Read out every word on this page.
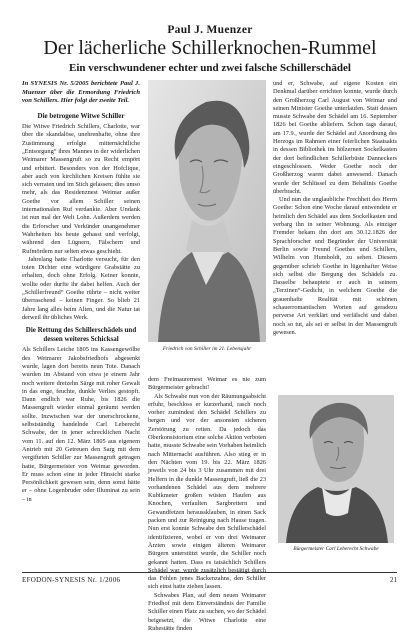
Paul J. Muenzer
Der lächerliche Schillerknochen-Rummel
Ein verschwundener echter und zwei falsche Schillerschädel

In SYNESIS Nr. 5/2005 berichtete Paul J. Muenzer über die Ermordung Friedrich von Schillers. Hier folgt der zweite Teil.

Die betrogene Witwe Schiller

Die Witwe Friedrich Schillers, Charlotte, war über die skandalöse, unehrenhafte, ohne ihre Zustimmung erfolgte mitternächtliche „Entsorgung“ ihres Mannes in der widerlichen Weimarer Massengruft so zu Recht empört und erbittert. Besonders von der Hofclique, aber auch von kirchlichen Kreisen fühlte sie sich verraten und im Stich gelassen; dies umso mehr, als das Residenznest Weimar außer Goethe vor allem Schiller seinen internationalen Ruf verdankte. Aber Undank ist nun mal der Welt Lohn. Außerdem werden die Erforscher und Verkünder unangenehmer Wahrheiten bis heute gehasst und verfolgt, während den Lügnern, Fälschern und Rufmördern nur selten etwas geschieht.

Jahrelang hatte Charlotte versucht, für den toten Dichter eine würdigere Grabstätte zu erhalten, doch ohne Erfolg. Keiner konnte, wollte oder durfte ihr dabei helfen. Auch der „Schillerfreund“ Goethe rührte – nicht weiter überraschend – keinen Finger. So blieb 21 Jahre lang alles beim Alten, und die Natur tat derweil ihr übliches Werk.

Die Rettung des Schillerschädels und dessen weiteres Schicksal

Als Schillers Leiche 1805 ins Kassengewölbe des Weimarer Jakobsfriedhofs abgesenkt wurde, lagen dort bereits neun Tote. Danach wurden im Abstand von etwa je einem Jahr noch weitere dreizehn Särge mit roher Gewalt in das enge, feuchte, dunkle Verlies gestopft. Dann endlich war Ruhe, bis 1826 die Massengruft wieder einmal geräumt werden sollte. Inzwischen war der unerschrockene, selbstständig handelnde Carl Leberecht Schwabe, der in jener schrecklichen Nacht vom 11. auf den 12. März 1805 aus eigenem Antrieb mit 20 Getreuen den Sarg mit dem vergifteten Schiller zur Massengruft getragen hatte, Bürgermeister von Weimar geworden. Er muss schon eine in jeder Hinsicht starke Persönlichkeit gewesen sein, denn sonst hätte er – ohne Logenbruder oder Illuminat zu sein – in

Friedrich von Schiller im 21. Lebensjahr

dem Freimaurernest Weimar es nie zum Bürgermeister gebracht!

Als Schwabe nun von der Räumungsabsicht erfuhr, beschloss er kurzerhand, rasch noch vorher zumindest den Schädel Schillers zu bergen und vor der ansonsten sicheren Zerstörung zu retten. Da jedoch das Oberkonsistorium eine solche Aktion verboten hatte, musste Schwabe sein Vorhaben heimlich nach Mitternacht ausführen. Also stieg er in den Nächten vom 19. bis 22. März 1826 jeweils von 24 bis 3 Uhr zusammen mit drei Helfern in die dunkle Massengruft, ließ die 23 vorhandenen Schädel aus dem mehrere Kubikmeter großen wüsten Haufen aus Knochen, verfaulten Sargbrettern und Gewandfetzen heraussklauben, in einen Sack packen und zur Reinigung nach Hause tragen. Nun erst konnte Schwabe den Schillerschädel identifizieren, wobei er von drei Weimarer Ärzten sowie einigen älteren Weimarer Bürgern unterstützt wurde, die Schiller noch gekannt hatten. Dass es tatsächlich Schillers Schädel war, wurde zusätzlich bestätigt durch das Fehlen jenes Backenzahns, den Schiller sich einst hatte ziehen lassen.

Schwabes Plan, auf dem neuen Weimarer Friedhof mit dem Einverständnis der Familie Schiller einen Platz zu suchen, wo der Schädel beigesetzt, die Witwe Charlotte eine Ruhestätte finden

und er, Schwabe, auf eigene Kosten ein Denkmal darüber errichten konnte, wurde durch den Großherzog Carl August von Weimar und seinen Minister Goethe unterlaufen. Statt dessen musste Schwabe den Schädel am 16. September 1826 bei Goethe abliefern. Schon tags darauf, am 17.9., wurde der Schädel auf Anordnung des Herzogs im Rahmen einer feierlichen Staatsakts in dessen Bibliothek im hölzernen Sockelkasten der dort befindlichen Schillerbüste Danneckers eingeschlossen. Weder Goethe noch der Großherzog waren dabei anwesend. Danach wurde der Schlüssel zu dem Behältnis Goethe überbracht.

Und nun die unglaubliche Frechheit des Herrn Goethe: Schon eine Woche darauf entwendete er heimlich den Schädel aus dem Sockelkasten und verbarg ihn in seiner Wohnung. Als einziger Fremder bekam ihn dort am 30.12.1826 der Sprachforscher und Begründer der Universität Berlin sowie Freund Goethes und Schillers, Wilhelm von Humboldt, zu sehen. Diesem gegenüber schrieb Goethe in lügenhafter Weise sich selbst die Bergung des Schädels zu. Dasselbe behauptete er auch in seinem „Terzinen“-Gedicht, in welchem Goethe die grauenhafte Realität mit schönen schauerromantischen Worten auf geradezu perverse Art verklärt und verfälscht und dabei noch so tut, als sei er selbst in der Massengruft gewesen.

Bürgermeister Carl Leberecht Schwabe
EFODON-SYNESIS Nr. 1/2006	21
